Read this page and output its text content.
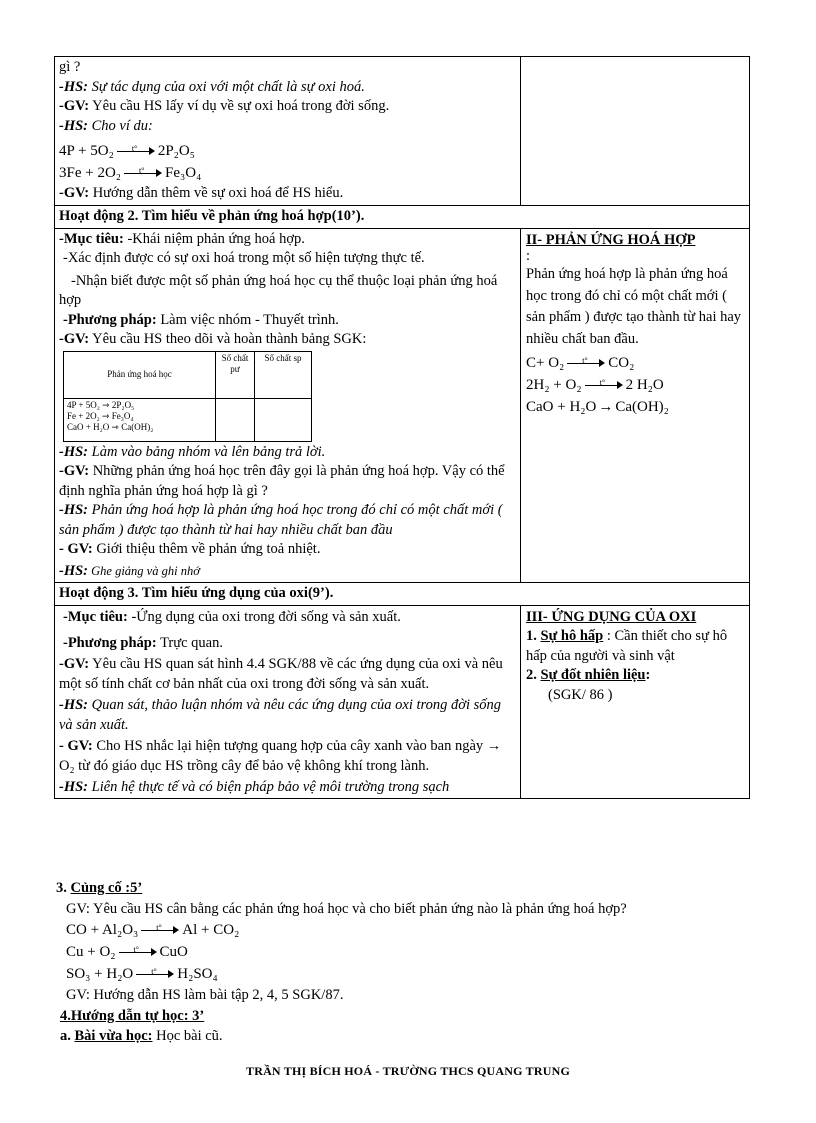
gì ?
-HS: Sự tác dụng của oxi với một chất là sự oxi hoá.
-GV: Yêu cầu HS lấy ví dụ về sự oxi hoá trong đời sống.
-HS: Cho ví du:
4P + 5O₂ t° 2P₂O₅
3Fe + 2O₂ t° Fe₃O₄
-GV: Hướng dẫn thêm về sự oxi hoá để HS hiểu.

Hoạt động 2. Tìm hiểu về phản ứng hoá hợp(10’).

-Mục tiêu: -Khái niệm phản ứng hoá hợp.
-Xác định được có sự oxi hoá trong một số hiện tượng thực tế.
-Nhận biết được một số phản ứng hoá học cụ thể thuộc loại phản ứng hoá hợp
-Phương pháp: Làm việc nhóm - Thuyết trình.
-GV: Yêu cầu HS theo dõi và hoàn thành bảng SGK:
Phản ứng hoá học	Số chất pư	Số chất sp

4P + 5O₂ ⇾ 2P₂O₅
Fe + 2O₂ ⇾ Fe₃O₄
CaO + H₂O ⇾ Ca(OH)₂

-HS: Làm vào bảng nhóm và lên bảng trả lời.
-GV: Những phản ứng hoá học trên đây gọi là phản ứng hoá hợp. Vậy có thể định nghĩa phản ứng hoá hợp là gì ?
-HS: Phản ứng hoá hợp là phản ứng hoá học trong đó chỉ có một chất mới ( sản phẩm ) được tạo thành từ hai hay nhiều chất ban đầu
- GV: Giới thiệu thêm về phản ứng toả nhiệt.
-HS: Ghe giảng và ghi nhớ

II- PHẢN ỨNG HOÁ HỢP
:
Phản ứng hoá hợp là phản ứng hoá học trong đó chỉ có một chất mới ( sản phẩm ) được tạo thành từ hai hay nhiều chất ban đầu.
C+ O₂ t° CO₂
2H₂ + O₂ t° 2 H₂O
CaO + H₂O → Ca(OH)₂

Hoạt động 3. Tìm hiểu ứng dụng của oxi(9’).

-Mục tiêu: -Ứng dụng của oxi trong đời sống và sản xuất.
-Phương pháp: Trực quan.
-GV: Yêu cầu HS quan sát hình 4.4 SGK/88 về các ứng dụng của oxi và nêu một số tính chất cơ bản nhất của oxi trong đời sống và sản xuất.
-HS: Quan sát, thảo luận nhóm và nêu các ứng dụng của oxi trong đời sống và sản xuất.
- GV: Cho HS nhắc lại hiện tượng quang hợp của cây xanh vào ban ngày → O₂ từ đó giáo dục HS trồng cây để bảo vệ không khí trong lành.
-HS: Liên hệ thực tế và có biện pháp bảo vệ môi trường trong sạch

III- ỨNG DỤNG CỦA OXI
1. Sự hô hấp : Cần thiết cho sự hô hấp của người và sinh vật
2. Sự đốt nhiên liệu:
(SGK/ 86 )
3. Củng cố :5’
GV: Yêu cầu HS cân bằng các phản ứng hoá học và cho biết phản ứng nào là phản ứng hoá hợp?
CO + Al₂O₃ t° Al + CO₂
Cu + O₂ t° CuO
SO₃ + H₂O t° H₂SO₄
GV: Hướng dẫn HS làm bài tập 2, 4, 5 SGK/87.
4.Hướng dẫn tự học: 3’
a. Bài vừa học: Học bài cũ.
TRẦN THỊ BÍCH HOÁ - TRƯỜNG THCS QUANG TRUNG
